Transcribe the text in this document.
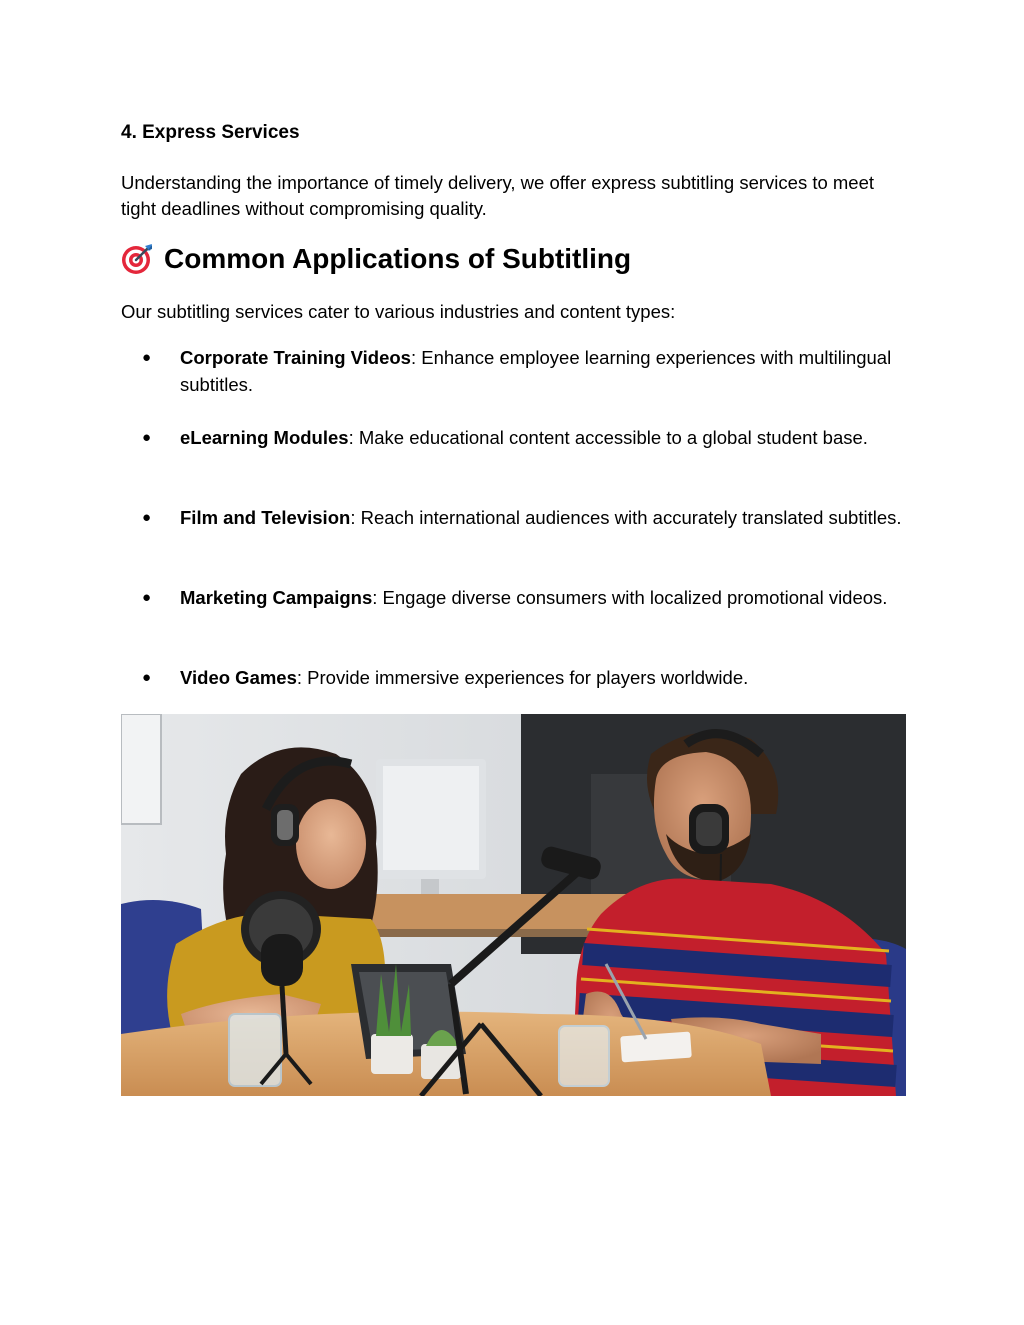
4. Express Services

Understanding the importance of timely delivery, we offer express subtitling services to meet tight deadlines without compromising quality.

Common Applications of Subtitling

Our subtitling services cater to various industries and content types:

● Corporate Training Videos: Enhance employee learning experiences with multilingual subtitles.
● eLearning Modules: Make educational content accessible to a global student base.
● Film and Television: Reach international audiences with accurately translated subtitles.
● Marketing Campaigns: Engage diverse consumers with localized promotional videos.
● Video Games: Provide immersive experiences for players worldwide.
